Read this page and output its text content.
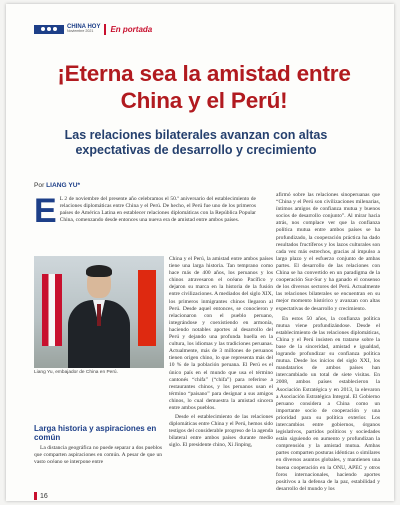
CHINA HOY
Noviembre 2021	En portada
¡Eterna sea la amistad entre China y el Perú!
Las relaciones bilaterales avanzan con altas expectativas de desarrollo y crecimiento
Por LIANG YU*

E L 2 de noviembre del presente año celebramos el 50.º aniversario del establecimiento de relaciones diplomáticas entre China y el Perú. De hecho, el Perú fue uno de los primeros países de América Latina en establecer relaciones diplomáticas con la República Popular China, comenzando desde entonces una nueva era de amistad entre ambos países.

Liang Yu, embajador de China en Perú.
Larga historia y aspiraciones en común

La distancia geográfica no puede separar a dos pueblos que comparten aspiraciones en común. A pesar de que un vasto océano se interpone entre

China y el Perú, la amistad entre ambos países tiene una larga historia. Tan temprano como hace más de 400 años, los peruanos y los chinos atravesaron el océano Pacífico y dejaron su marca en la historia de la fusión entre civilizaciones. A mediados del siglo XIX, los primeros inmigrantes chinos llegaron al Perú. Desde aquel entonces, se conocieron y relacionaron con el pueblo peruano, integrándose y coexistiendo en armonía, haciendo notables aportes al desarrollo del Perú y dejando una profunda huella en la cultura, los idiomas y las tradiciones peruanas. Actualmente, más de 3 millones de peruanos tienen origen chino, lo que representa más del 10 % de la población peruana. El Perú es el único país en el mundo que usa el término cantonés “chifa” (“chifa”) para referirse a restaurantes chinos, y los peruanos usan el término “paisano” para designar a sus amigos chinos, lo cual demuestra la amistad sincera entre ambos pueblos.

Desde el establecimiento de las relaciones diplomáticas entre China y el Perú, hemos sido testigos del considerable progreso de la agenda bilateral entre ambos países durante medio siglo. El presidente chino, Xi Jinping,

afirmó sobre las relaciones sinoperuanas que “China y el Perú son civilizaciones milenarias, íntimos amigos de confianza mutua y buenos socios de desarrollo conjunto”. Al mirar hacia atrás, nos complace ver que la confianza política mutua entre ambos países se ha profundizado, la cooperación práctica ha dado resultados fructíferos y los lazos culturales son cada vez más estrechos, gracias al impulso a largo plazo y el esfuerzo conjunto de ambas partes. El desarrollo de las relaciones con China se ha convertido en un paradigma de la cooperación Sur-Sur y ha ganado el consenso de los diversos sectores del Perú. Actualmente las relaciones bilaterales se encuentran en su mejor momento histórico y avanzan con altas expectativas de desarrollo y crecimiento.

En estos 50 años, la confianza política mutua viene profundizándose. Desde el establecimiento de las relaciones diplomáticas, China y el Perú insisten en tratarse sobre la base de la sinceridad, amistad e igualdad, logrando profundizar su confianza política mutua. Desde los inicios del siglo XXI, los mandatarios de ambos países han intercambiado un total de siete visitas. En 2008, ambos países establecieron la Asociación Estratégica y en 2013, la elevaron a Asociación Estratégica Integral. El Gobierno peruano considera a China como un importante socio de cooperación y una prioridad para su política exterior. Los intercambios entre gobiernos, órganos legislativos, partidos políticos y sociedades están siguiendo en aumento y profundizan la comprensión y la amistad mutua. Ambas partes comparten posturas idénticas o similares en diversos asuntos globales, y mantienen una buena cooperación en la ONU, APEC y otros foros internacionales, haciendo aportes positivos a la defensa de la paz, estabilidad y desarrollo del mundo y los

16
